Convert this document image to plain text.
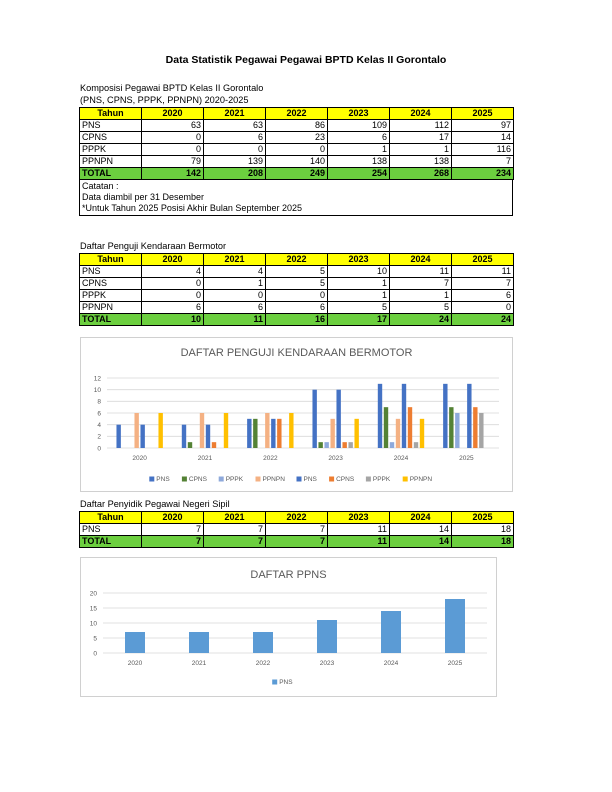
Data Statistik Pegawai Pegawai BPTD Kelas II Gorontalo
Komposisi Pegawai BPTD Kelas II Gorontalo
(PNS, CPNS, PPPK, PPNPN) 2020-2025
Tahun	2020	2021	2022	2023	2024	2025
PNS	63	63	86	109	112	97
CPNS	0	6	23	6	17	14
PPPK	0	0	0	1	1	116
PPNPN	79	139	140	138	138	7
TOTAL	142	208	249	254	268	234
Catatan :
Data diambil per 31 Desember
*Untuk Tahun 2025 Posisi Akhir Bulan September 2025
Daftar Penguji Kendaraan Bermotor
Tahun	2020	2021	2022	2023	2024	2025
PNS	4	4	5	10	11	11
CPNS	0	1	5	1	7	7
PPPK	0	0	0	1	1	6
PPNPN	6	6	6	5	5	0
TOTAL	10	11	16	17	24	24
DAFTAR PENGUJI KENDARAAN BERMOTOR
0
2
4
6
8
10
12
2020	2021	2022	2023	2024	2025
PNS	CPNS	PPPK	PPNPN	PNS	CPNS	PPPK	PPNPN
Daftar Penyidik Pegawai Negeri Sipil
Tahun	2020	2021	2022	2023	2024	2025
PNS	7	7	7	11	14	18
TOTAL	7	7	7	11	14	18
DAFTAR PPNS
0
5
10
15
20
2020	2021	2022	2023	2024	2025
PNS
